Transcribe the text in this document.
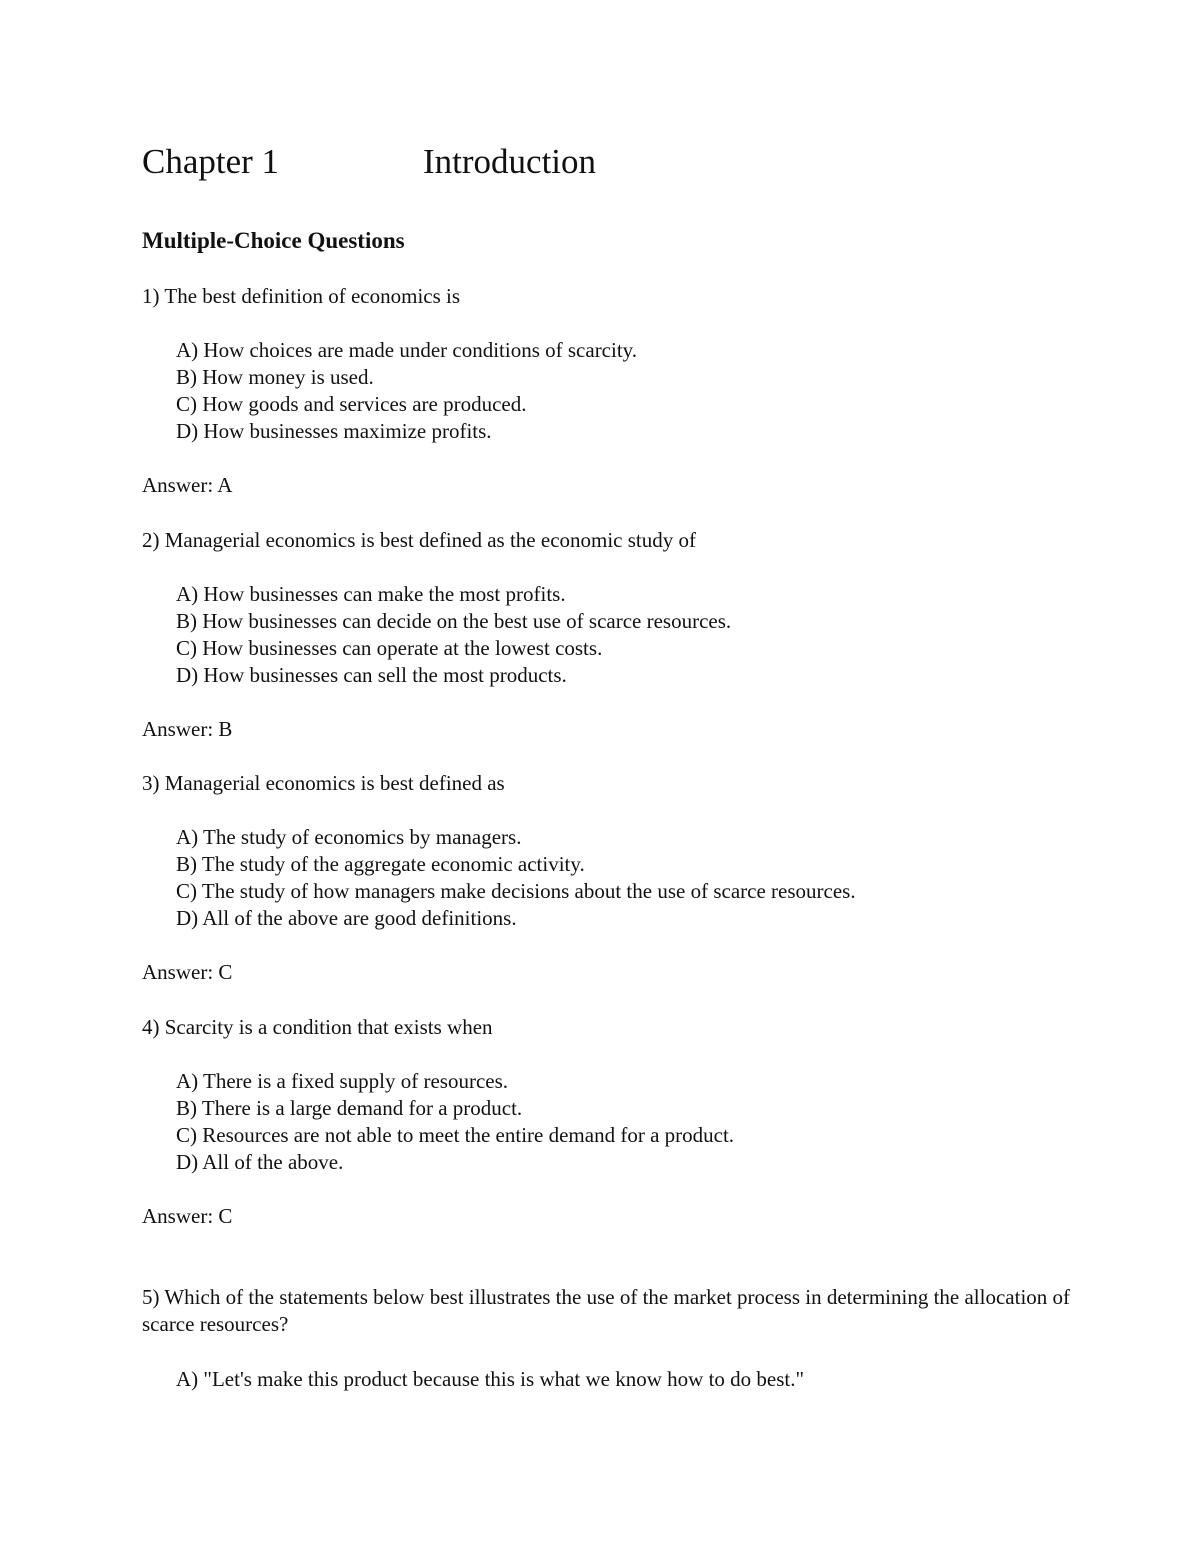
Chapter 1	Introduction
Multiple-Choice Questions
1) The best definition of economics is
A) How choices are made under conditions of scarcity.
B) How money is used.
C) How goods and services are produced.
D) How businesses maximize profits.
Answer: A
2) Managerial economics is best defined as the economic study of
A) How businesses can make the most profits.
B) How businesses can decide on the best use of scarce resources.
C) How businesses can operate at the lowest costs.
D) How businesses can sell the most products.
Answer: B
3) Managerial economics is best defined as
A) The study of economics by managers.
B) The study of the aggregate economic activity.
C) The study of how managers make decisions about the use of scarce resources.
D) All of the above are good definitions.
Answer: C
4) Scarcity is a condition that exists when
A) There is a fixed supply of resources.
B) There is a large demand for a product.
C) Resources are not able to meet the entire demand for a product.
D) All of the above.
Answer: C
5) Which of the statements below best illustrates the use of the market process in determining the allocation of scarce resources?
A) "Let's make this product because this is what we know how to do best."
